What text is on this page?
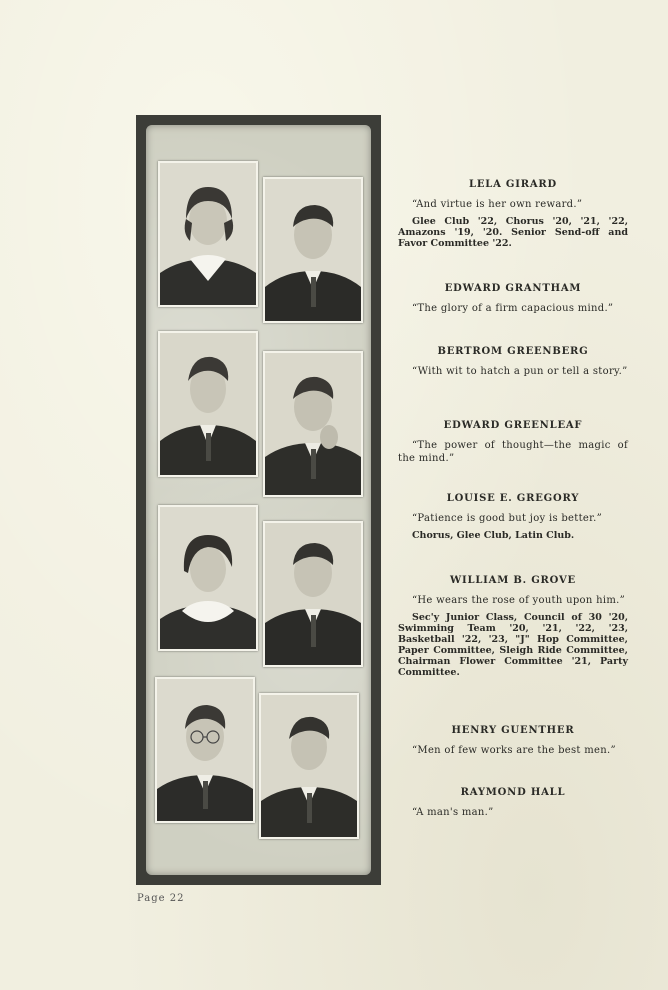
LELA GIRARD
“And virtue is her own reward.”
Glee Club '22, Chorus '20, '21, '22, Amazons '19, '20. Senior Send-off and Favor Committee '22.
EDWARD GRANTHAM
“The glory of a firm capacious mind.”
BERTROM GREENBERG
“With wit to hatch a pun or tell a story.”
EDWARD GREENLEAF
“The power of thought—the magic of the mind.”
LOUISE E. GREGORY
“Patience is good but joy is better.”
Chorus, Glee Club, Latin Club.
WILLIAM B. GROVE
“He wears the rose of youth upon him.”
Sec'y Junior Class, Council of 30 '20, Swimming Team '20, '21, '22, '23, Basketball '22, '23, "J" Hop Committee, Paper Committee, Sleigh Ride Committee, Chairman Flower Committee '21, Party Committee.
HENRY GUENTHER
“Men of few works are the best men.”
RAYMOND HALL
“A man's man.”
Page 22
